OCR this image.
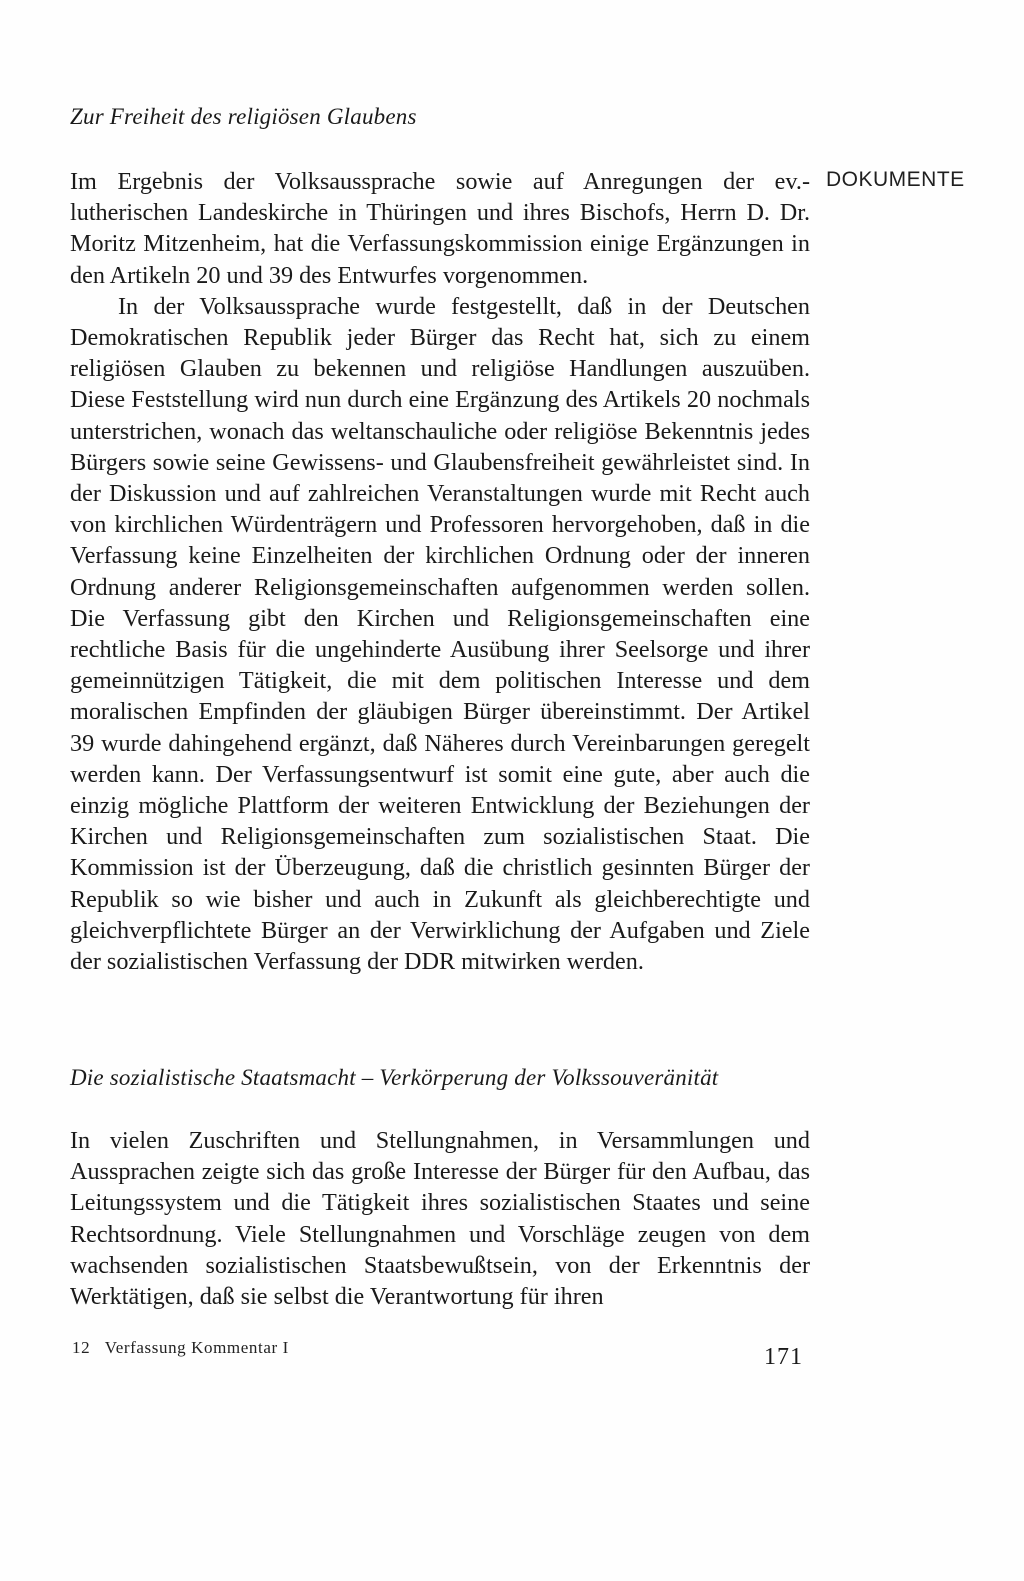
DOKUMENTE
Zur Freiheit des religiösen Glaubens

Im Ergebnis der Volksaussprache sowie auf Anregungen der ev.-lutherischen Landeskirche in Thüringen und ihres Bischofs, Herrn D. Dr. Moritz Mitzenheim, hat die Verfassungskommission einige Ergänzungen in den Artikeln 20 und 39 des Entwurfes vorgenommen.

In der Volksaussprache wurde festgestellt, daß in der Deutschen Demokratischen Republik jeder Bürger das Recht hat, sich zu einem religiösen Glauben zu bekennen und religiöse Handlungen auszuüben. Diese Feststellung wird nun durch eine Ergänzung des Artikels 20 nochmals unterstrichen, wonach das weltanschauliche oder religiöse Bekenntnis jedes Bürgers sowie seine Gewissens- und Glaubensfreiheit gewährleistet sind. In der Diskussion und auf zahlreichen Veranstaltungen wurde mit Recht auch von kirchlichen Würdenträgern und Professoren hervorgehoben, daß in die Verfassung keine Einzelheiten der kirchlichen Ordnung oder der inneren Ordnung anderer Religionsgemeinschaften aufgenommen werden sollen. Die Verfassung gibt den Kirchen und Religionsgemeinschaften eine rechtliche Basis für die ungehinderte Ausübung ihrer Seelsorge und ihrer gemeinnützigen Tätigkeit, die mit dem politischen Interesse und dem moralischen Empfinden der gläubigen Bürger übereinstimmt. Der Artikel 39 wurde dahingehend ergänzt, daß Näheres durch Vereinbarungen geregelt werden kann. Der Verfassungsentwurf ist somit eine gute, aber auch die einzig mögliche Plattform der weiteren Entwicklung der Beziehungen der Kirchen und Religionsgemeinschaften zum sozialistischen Staat. Die Kommission ist der Überzeugung, daß die christlich gesinnten Bürger der Republik so wie bisher und auch in Zukunft als gleichberechtigte und gleichverpflichtete Bürger an der Verwirklichung der Aufgaben und Ziele der sozialistischen Verfassung der DDR mitwirken werden.

Die sozialistische Staatsmacht – Verkörperung der Volkssouveränität

In vielen Zuschriften und Stellungnahmen, in Versammlungen und Aussprachen zeigte sich das große Interesse der Bürger für den Aufbau, das Leitungssystem und die Tätigkeit ihres sozialistischen Staates und seine Rechtsordnung. Viele Stellungnahmen und Vorschläge zeugen von dem wachsenden sozialistischen Staatsbewußtsein, von der Erkenntnis der Werktätigen, daß sie selbst die Verantwortung für ihren

12 Verfassung Kommentar I	171
